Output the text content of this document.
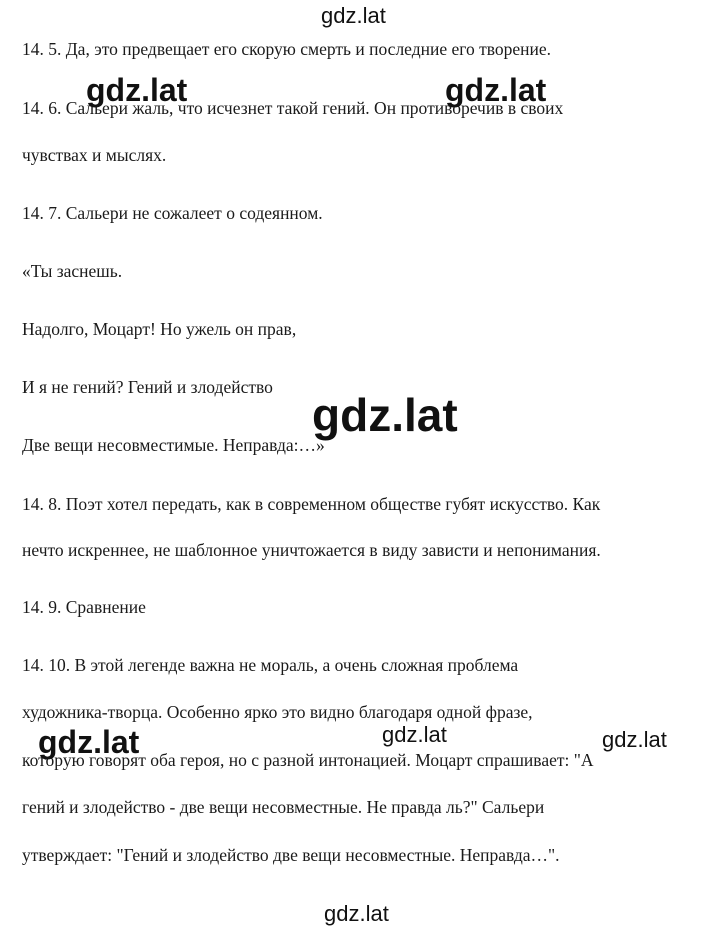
14. 5. Да, это предвещает его скорую смерть и последние его творение.
14. 6. Сальери жаль, что исчезнет такой гений. Он противоречив в своих
чувствах и мыслях.
14. 7. Сальери не сожалеет о содеянном.
«Ты заснешь.
Надолго, Моцарт! Но ужель он прав,
И я не гений? Гений и злодейство
Две вещи несовместимые. Неправда:…»
14. 8. Поэт хотел передать, как в современном обществе губят искусство. Как
нечто искреннее, не шаблонное уничтожается в виду зависти и непонимания.
14. 9. Сравнение
14. 10. В этой легенде важна не мораль, а очень сложная проблема
художника-творца. Особенно ярко это видно благодаря одной фразе,
которую говорят оба героя, но с разной интонацией. Моцарт спрашивает: "А
гений и злодейство - две вещи несовместные. Не правда ль?" Сальери
утверждает: "Гений и злодейство две вещи несовместные. Неправда…".
gdz.lat
gdz.lat	gdz.lat
gdz.lat
gdz.lat	gdz.lat	gdz.lat
gdz.lat
